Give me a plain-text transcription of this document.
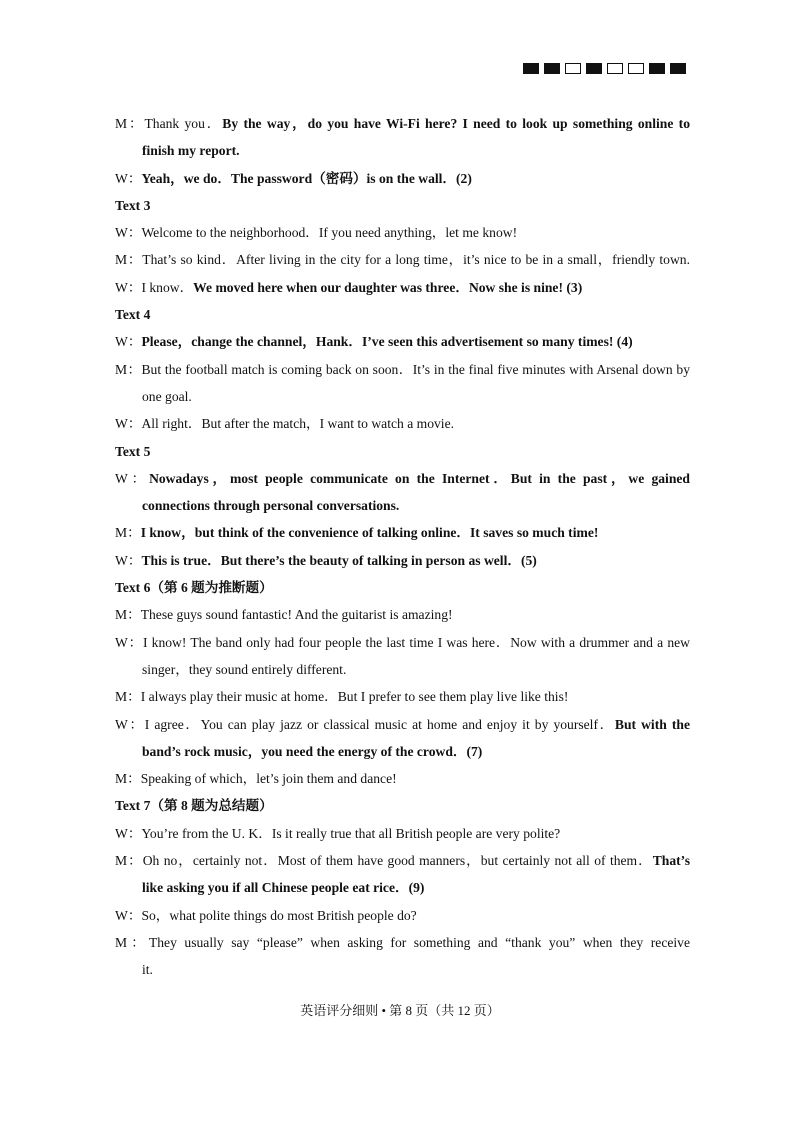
M：Thank you．By the way，do you have Wi-Fi here? I need to look up something online to
finish my report.
W：Yeah，we do．The password（密码）is on the wall．(2)
Text 3
W：Welcome to the neighborhood．If you need anything，let me know!
M：That’s so kind．After living in the city for a long time，it’s nice to be in a small，friendly town.
W：I know．We moved here when our daughter was three．Now she is nine! (3)
Text 4
W：Please，change the channel，Hank．I’ve seen this advertisement so many times! (4)
M：But the football match is coming back on soon．It’s in the final five minutes with Arsenal down by
one goal.
W：All right．But after the match，I want to watch a movie.
Text 5
W：Nowadays，most people communicate on the Internet．But in the past，we gained
connections through personal conversations.
M：I know，but think of the convenience of talking online．It saves so much time!
W：This is true．But there’s the beauty of talking in person as well．(5)
Text 6（第 6 题为推断题）
M：These guys sound fantastic! And the guitarist is amazing!
W：I know! The band only had four people the last time I was here．Now with a drummer and a new
singer，they sound entirely different.
M：I always play their music at home．But I prefer to see them play live like this!
W：I agree．You can play jazz or classical music at home and enjoy it by yourself．But with the
band’s rock music，you need the energy of the crowd．(7)
M：Speaking of which，let’s join them and dance!
Text 7（第 8 题为总结题）
W：You’re from the U. K．Is it really true that all British people are very polite?
M：Oh no，certainly not．Most of them have good manners，but certainly not all of them．That’s
like asking you if all Chinese people eat rice．(9)
W：So，what polite things do most British people do?
M：They usually say “please” when asking for something and “thank you” when they receive
it.
英语评分细则 • 第 8 页（共 12 页）
